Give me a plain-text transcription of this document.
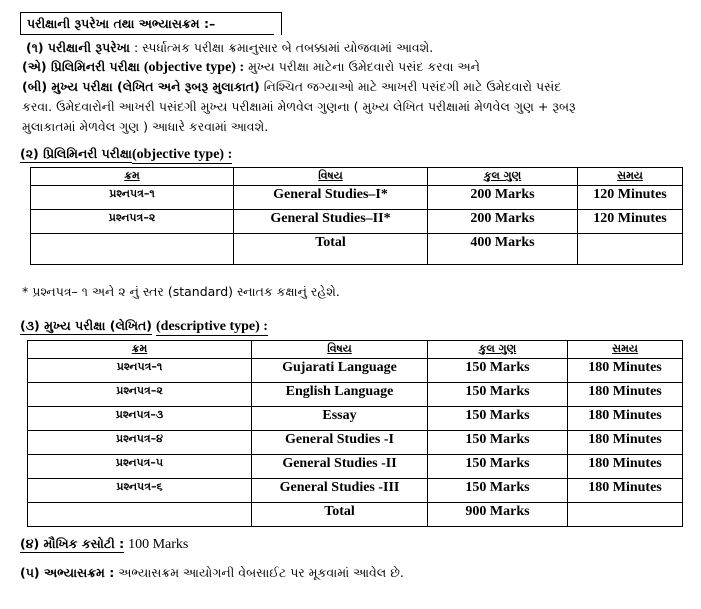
પરીક્ષાની રૂપરેખા તથા અભ્યાસક્રમ :–
(૧) પરીક્ષાની રૂપરેખા : સ્પર્ધાત્મક પરીક્ષા ક્રમાનુસાર બે તબક્કામાં યોજવામાં આવશે.
(એ) પ્રિલિમિનરી પરીક્ષા (objective type) : મુખ્ય પરીક્ષા માટેના ઉમેદવારો પસંદ કરવા અને
(બી) મુખ્ય પરીક્ષા (લેખિત અને રૂબરૂ મુલાકાત) નિશ્ચિત જગ્યાઓ માટે આખરી પસંદગી માટે ઉમેદવારો પસંદ
કરવા. ઉમેદવારોની આખરી પસંદગી મુખ્ય પરીક્ષામાં મેળવેલ ગુણના ( મુખ્ય લેખિત પરીક્ષામાં મેળવેલ ગુણ + રૂબરૂ
મુલાકાતમાં મેળવેલ ગુણ ) આધારે કરવામાં આવશે.
(૨) પ્રિલિમિનરી પરીક્ષા(objective type) :
ક્રમ	વિષય	કુલ ગુણ	સમય
પ્રશ્નપત્ર–૧	General Studies–I*	200 Marks	120 Minutes
પ્રશ્નપત્ર–૨	General Studies–II*	200 Marks	120 Minutes
	Total	400 Marks	
* પ્રશ્નપત્ર– ૧ અને ૨ નું સ્તર (standard) સ્નાતક કક્ષાનું રહેશે.
(૩) મુખ્ય પરીક્ષા (લેખિત) (descriptive type) :
ક્રમ	વિષય	કુલ ગુણ	સમય
પ્રશ્નપત્ર–૧	Gujarati Language	150 Marks	180 Minutes
પ્રશ્નપત્ર–૨	English Language	150 Marks	180 Minutes
પ્રશ્નપત્ર–૩	Essay	150 Marks	180 Minutes
પ્રશ્નપત્ર–૪	General Studies -I	150 Marks	180 Minutes
પ્રશ્નપત્ર–૫	General Studies -II	150 Marks	180 Minutes
પ્રશ્નપત્ર–૬	General Studies -III	150 Marks	180 Minutes
	Total	900 Marks	
(૪) મૌખિક કસોટી : 100 Marks
(૫) અભ્યાસક્રમ : અભ્યાસક્રમ આયોગની વેબસાઈટ પર મૂકવામાં આવેલ છે.
